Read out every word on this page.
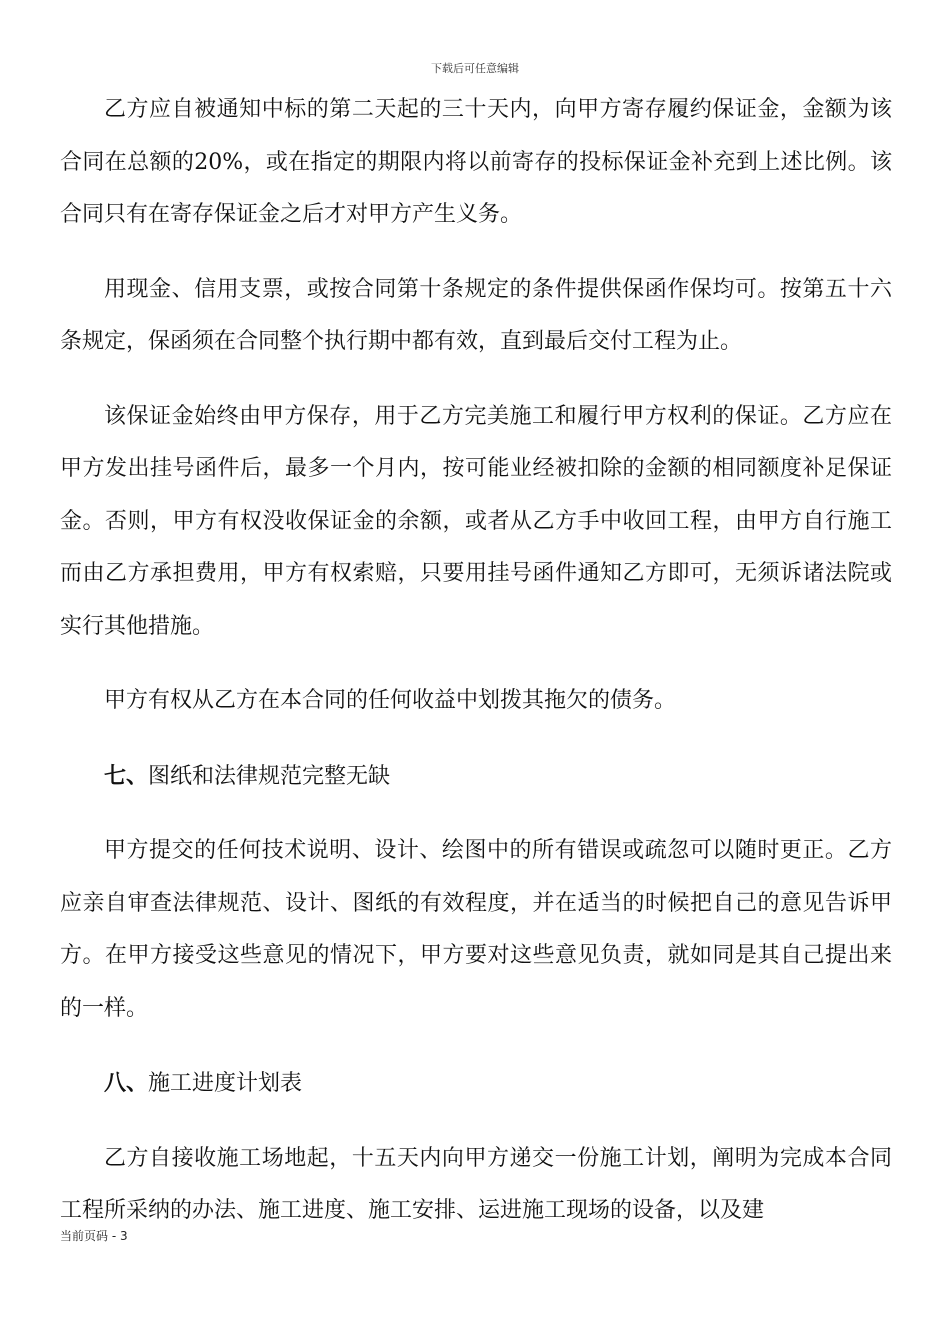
下载后可任意编辑

乙方应自被通知中标的第二天起的三十天内，向甲方寄存履约保证金，金额为该合同在总额的20%，或在指定的期限内将以前寄存的投标保证金补充到上述比例。该合同只有在寄存保证金之后才对甲方产生义务。

用现金、信用支票，或按合同第十条规定的条件提供保函作保均可。按第五十六条规定，保函须在合同整个执行期中都有效，直到最后交付工程为止。

该保证金始终由甲方保存，用于乙方完美施工和履行甲方权利的保证。乙方应在甲方发出挂号函件后，最多一个月内，按可能业经被扣除的金额的相同额度补足保证金。否则，甲方有权没收保证金的余额，或者从乙方手中收回工程，由甲方自行施工而由乙方承担费用，甲方有权索赔，只要用挂号函件通知乙方即可，无须诉诸法院或实行其他措施。

甲方有权从乙方在本合同的任何收益中划拨其拖欠的债务。

七、图纸和法律规范完整无缺

甲方提交的任何技术说明、设计、绘图中的所有错误或疏忽可以随时更正。乙方应亲自审查法律规范、设计、图纸的有效程度，并在适当的时候把自己的意见告诉甲方。在甲方接受这些意见的情况下，甲方要对这些意见负责，就如同是其自己提出来的一样。

八、施工进度计划表

乙方自接收施工场地起，十五天内向甲方递交一份施工计划，阐明为完成本合同工程所采纳的办法、施工进度、施工安排、运进施工现场的设备，以及建

当前页码 - 3
